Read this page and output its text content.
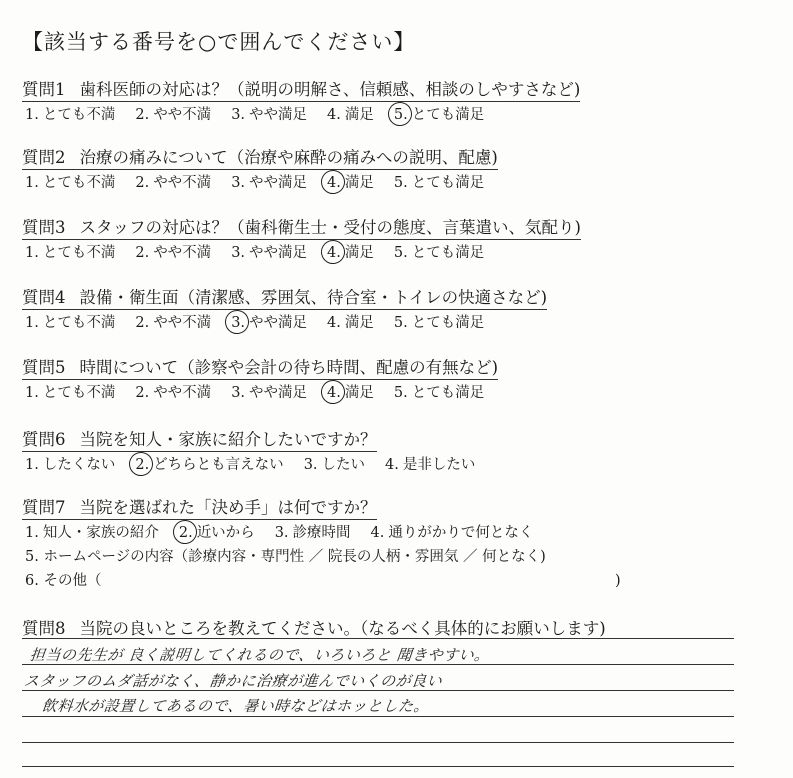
【該当する番号を○で囲んでください】
質問1 歯科医師の対応は？（説明の明解さ、信頼感、相談のしやすさなど)
1. とても不満 2. やや不満 3. やや満足 4. 満足 5. とても満足
質問2 治療の痛みについて（治療や麻酔の痛みへの説明、配慮)
1. とても不満 2. やや不満 3. やや満足 4. 満足 5. とても満足
質問3 スタッフの対応は？（歯科衛生士・受付の態度、言葉遣い、気配り)
1. とても不満 2. やや不満 3. やや満足 4. 満足 5. とても満足
質問4 設備・衛生面（清潔感、雰囲気、待合室・トイレの快適さなど)
1. とても不満 2. やや不満 3. やや満足 4. 満足 5. とても満足
質問5 時間について（診察や会計の待ち時間、配慮の有無など)
1. とても不満 2. やや不満 3. やや満足 4. 満足 5. とても満足
質問6 当院を知人・家族に紹介したいですか？
1. したくない 2. どちらとも言えない 3. したい 4. 是非したい
質問7 当院を選ばれた「決め手」は何ですか？
1. 知人・家族の紹介 2. 近いから 3. 診療時間 4. 通りがかりで何となく
5. ホームページの内容（診療内容・専門性 ／ 院長の人柄・雰囲気 ／ 何となく)
6. その他（	)
質問8 当院の良いところを教えてください。（なるべく具体的にお願いします)
担当の先生が 良く説明してくれるので、いろいろと 聞きやすい。
スタッフのムダ話がなく、静かに治療が進んでいくのが良い
飲料水が設置してあるので、暑い時などはホッとした。
